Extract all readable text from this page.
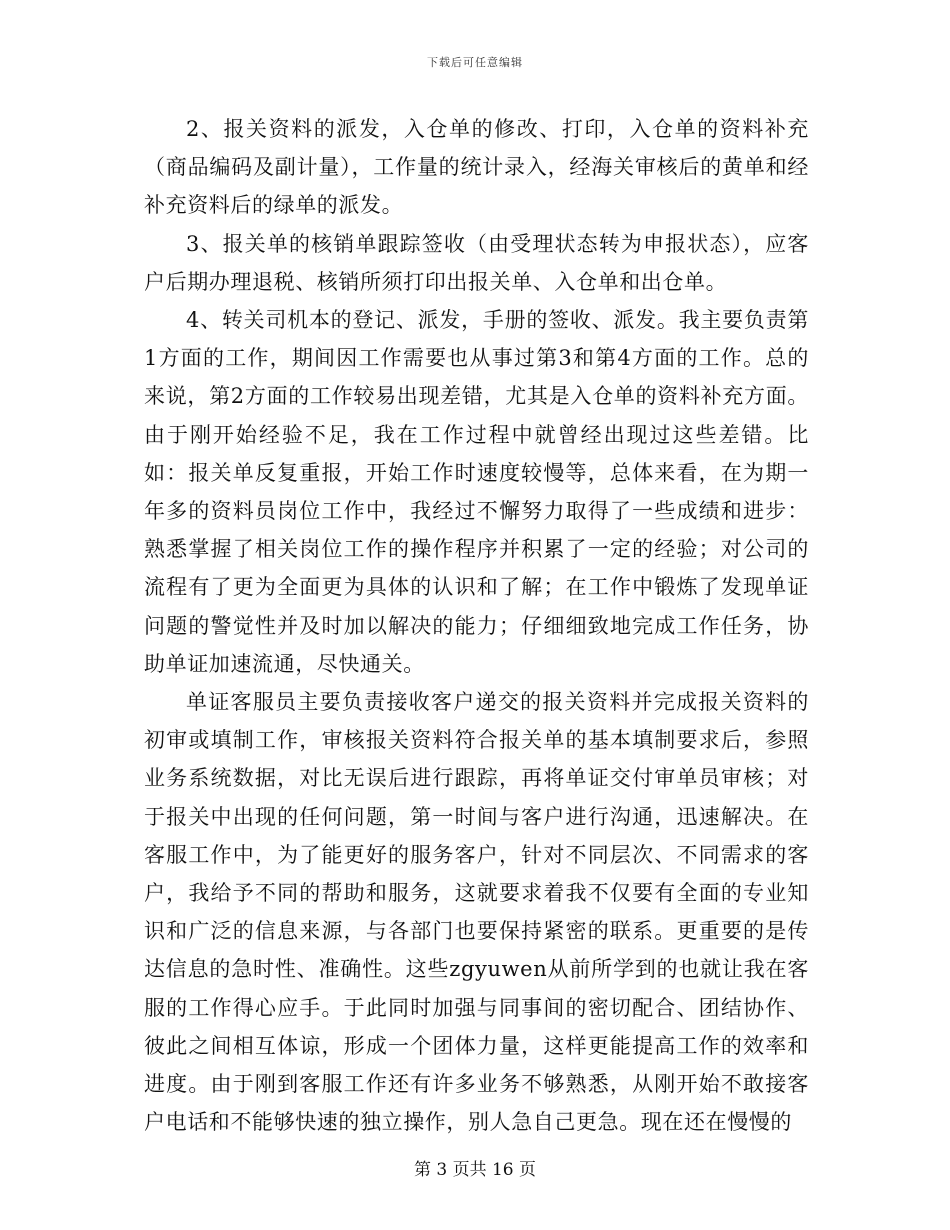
下载后可任意编辑

2、报关资料的派发，入仓单的修改、打印，入仓单的资料补充（商品编码及副计量），工作量的统计录入，经海关审核后的黄单和经补充资料后的绿单的派发。

3、报关单的核销单跟踪签收（由受理状态转为申报状态），应客户后期办理退税、核销所须打印出报关单、入仓单和出仓单。

4、转关司机本的登记、派发，手册的签收、派发。我主要负责第1方面的工作，期间因工作需要也从事过第3和第4方面的工作。总的来说，第2方面的工作较易出现差错，尤其是入仓单的资料补充方面。由于刚开始经验不足，我在工作过程中就曾经出现过这些差错。比如：报关单反复重报，开始工作时速度较慢等，总体来看，在为期一年多的资料员岗位工作中，我经过不懈努力取得了一些成绩和进步：熟悉掌握了相关岗位工作的操作程序并积累了一定的经验；对公司的流程有了更为全面更为具体的认识和了解；在工作中锻炼了发现单证问题的警觉性并及时加以解决的能力；仔细细致地完成工作任务，协助单证加速流通，尽快通关。

单证客服员主要负责接收客户递交的报关资料并完成报关资料的初审或填制工作，审核报关资料符合报关单的基本填制要求后，参照业务系统数据，对比无误后进行跟踪，再将单证交付审单员审核；对于报关中出现的任何问题，第一时间与客户进行沟通，迅速解决。在客服工作中，为了能更好的服务客户，针对不同层次、不同需求的客户，我给予不同的帮助和服务，这就要求着我不仅要有全面的专业知识和广泛的信息来源，与各部门也要保持紧密的联系。更重要的是传达信息的急时性、准确性。这些zgyuwen从前所学到的也就让我在客服的工作得心应手。于此同时加强与同事间的密切配合、团结协作、彼此之间相互体谅，形成一个团体力量，这样更能提高工作的效率和进度。由于刚到客服工作还有许多业务不够熟悉，从刚开始不敢接客户电话和不能够快速的独立操作，别人急自己更急。现在还在慢慢的

第 3 页共 16 页
